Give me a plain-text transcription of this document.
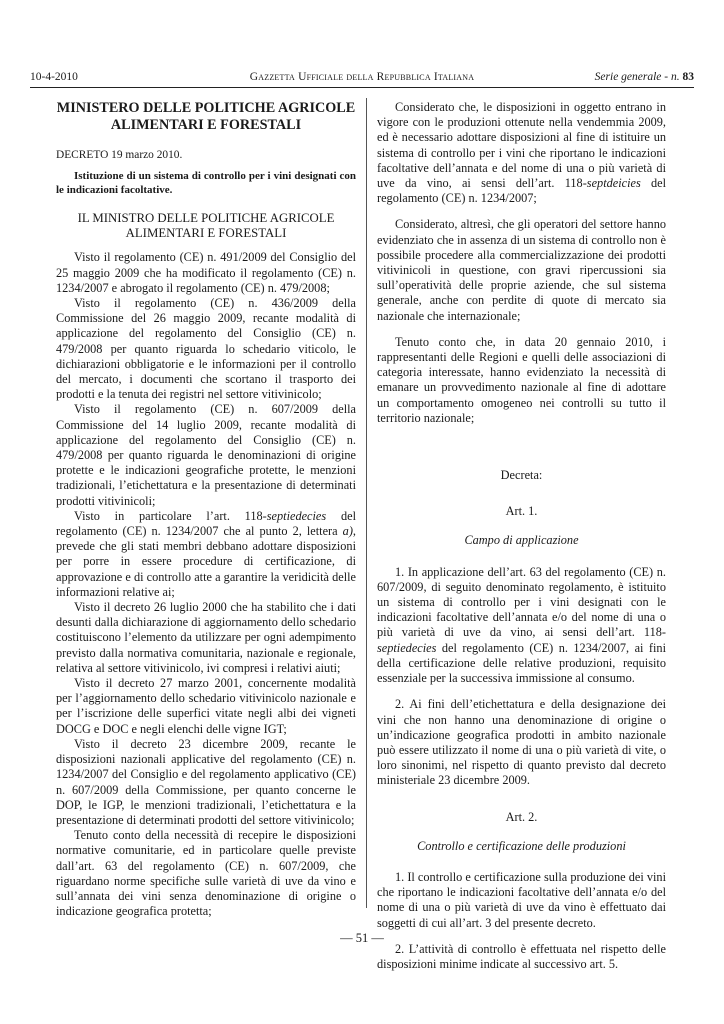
10-4-2010	Gazzetta Ufficiale della Repubblica Italiana	Serie generale - n. 83

MINISTERO DELLE POLITICHE AGRICOLE ALIMENTARI E FORESTALI

DECRETO 19 marzo 2010.

Istituzione di un sistema di controllo per i vini designati con le indicazioni facoltative.

IL MINISTRO DELLE POLITICHE AGRICOLE ALIMENTARI E FORESTALI

Visto il regolamento (CE) n. 491/2009 del Consiglio del 25 maggio 2009 che ha modificato il regolamento (CE) n. 1234/2007 e abrogato il regolamento (CE) n. 479/2008;

Visto il regolamento (CE) n. 436/2009 della Commissione del 26 maggio 2009, recante modalità di applicazione del regolamento del Consiglio (CE) n. 479/2008 per quanto riguarda lo schedario viticolo, le dichiarazioni obbligatorie e le informazioni per il controllo del mercato, i documenti che scortano il trasporto dei prodotti e la tenuta dei registri nel settore vitivinicolo;

Visto il regolamento (CE) n. 607/2009 della Commissione del 14 luglio 2009, recante modalità di applicazione del regolamento del Consiglio (CE) n. 479/2008 per quanto riguarda le denominazioni di origine protette e le indicazioni geografiche protette, le menzioni tradizionali, l’etichettatura e la presentazione di determinati prodotti vitivinicoli;

Visto in particolare l’art. 118-septiedecies del regolamento (CE) n. 1234/2007 che al punto 2, lettera a), prevede che gli stati membri debbano adottare disposizioni per porre in essere procedure di certificazione, di approvazione e di controllo atte a garantire la veridicità delle informazioni relative ai;

Visto il decreto 26 luglio 2000 che ha stabilito che i dati desunti dalla dichiarazione di aggiornamento dello schedario costituiscono l’elemento da utilizzare per ogni adempimento previsto dalla normativa comunitaria, nazionale e regionale, relativa al settore vitivinicolo, ivi compresi i relativi aiuti;

Visto il decreto 27 marzo 2001, concernente modalità per l’aggiornamento dello schedario vitivinicolo nazionale e per l’iscrizione delle superfici vitate negli albi dei vigneti DOCG e DOC e negli elenchi delle vigne IGT;

Visto il decreto 23 dicembre 2009, recante le disposizioni nazionali applicative del regolamento (CE) n. 1234/2007 del Consiglio e del regolamento applicativo (CE) n. 607/2009 della Commissione, per quanto concerne le DOP, le IGP, le menzioni tradizionali, l’etichettatura e la presentazione di determinati prodotti del settore vitivinicolo;

Tenuto conto della necessità di recepire le disposizioni normative comunitarie, ed in particolare quelle previste dall’art. 63 del regolamento (CE) n. 607/2009, che riguardano norme specifiche sulle varietà di uve da vino e sull’annata dei vini senza denominazione di origine o indicazione geografica protetta;

Considerato che, le disposizioni in oggetto entrano in vigore con le produzioni ottenute nella vendemmia 2009, ed è necessario adottare disposizioni al fine di istituire un sistema di controllo per i vini che riportano le indicazioni facoltative dell’annata e del nome di una o più varietà di uve da vino, ai sensi dell’art. 118-septdeicies del regolamento (CE) n. 1234/2007;

Considerato, altresì, che gli operatori del settore hanno evidenziato che in assenza di un sistema di controllo non è possibile procedere alla commercializzazione dei prodotti vitivinicoli in questione, con gravi ripercussioni sia sull’operatività delle proprie aziende, che sul sistema generale, anche con perdite di quote di mercato sia nazionale che internazionale;

Tenuto conto che, in data 20 gennaio 2010, i rappresentanti delle Regioni e quelli delle associazioni di categoria interessate, hanno evidenziato la necessità di emanare un provvedimento nazionale al fine di adottare un comportamento omogeneo nei controlli su tutto il territorio nazionale;

Decreta:

Art. 1.

Campo di applicazione

1. In applicazione dell’art. 63 del regolamento (CE) n. 607/2009, di seguito denominato regolamento, è istituito un sistema di controllo per i vini designati con le indicazioni facoltative dell’annata e/o del nome di una o più varietà di uve da vino, ai sensi dell’art. 118-septiedecies del regolamento (CE) n. 1234/2007, ai fini della certificazione delle relative produzioni, requisito essenziale per la successiva immissione al consumo.

2. Ai fini dell’etichettatura e della designazione dei vini che non hanno una denominazione di origine o un’indicazione geografica prodotti in ambito nazionale può essere utilizzato il nome di una o più varietà di vite, o loro sinonimi, nel rispetto di quanto previsto dal decreto ministeriale 23 dicembre 2009.

Art. 2.

Controllo e certificazione delle produzioni

1. Il controllo e certificazione sulla produzione dei vini che riportano le indicazioni facoltative dell’annata e/o del nome di una o più varietà di uve da vino è effettuato dai soggetti di cui all’art. 3 del presente decreto.

2. L’attività di controllo è effettuata nel rispetto delle disposizioni minime indicate al successivo art. 5.

— 51 —
